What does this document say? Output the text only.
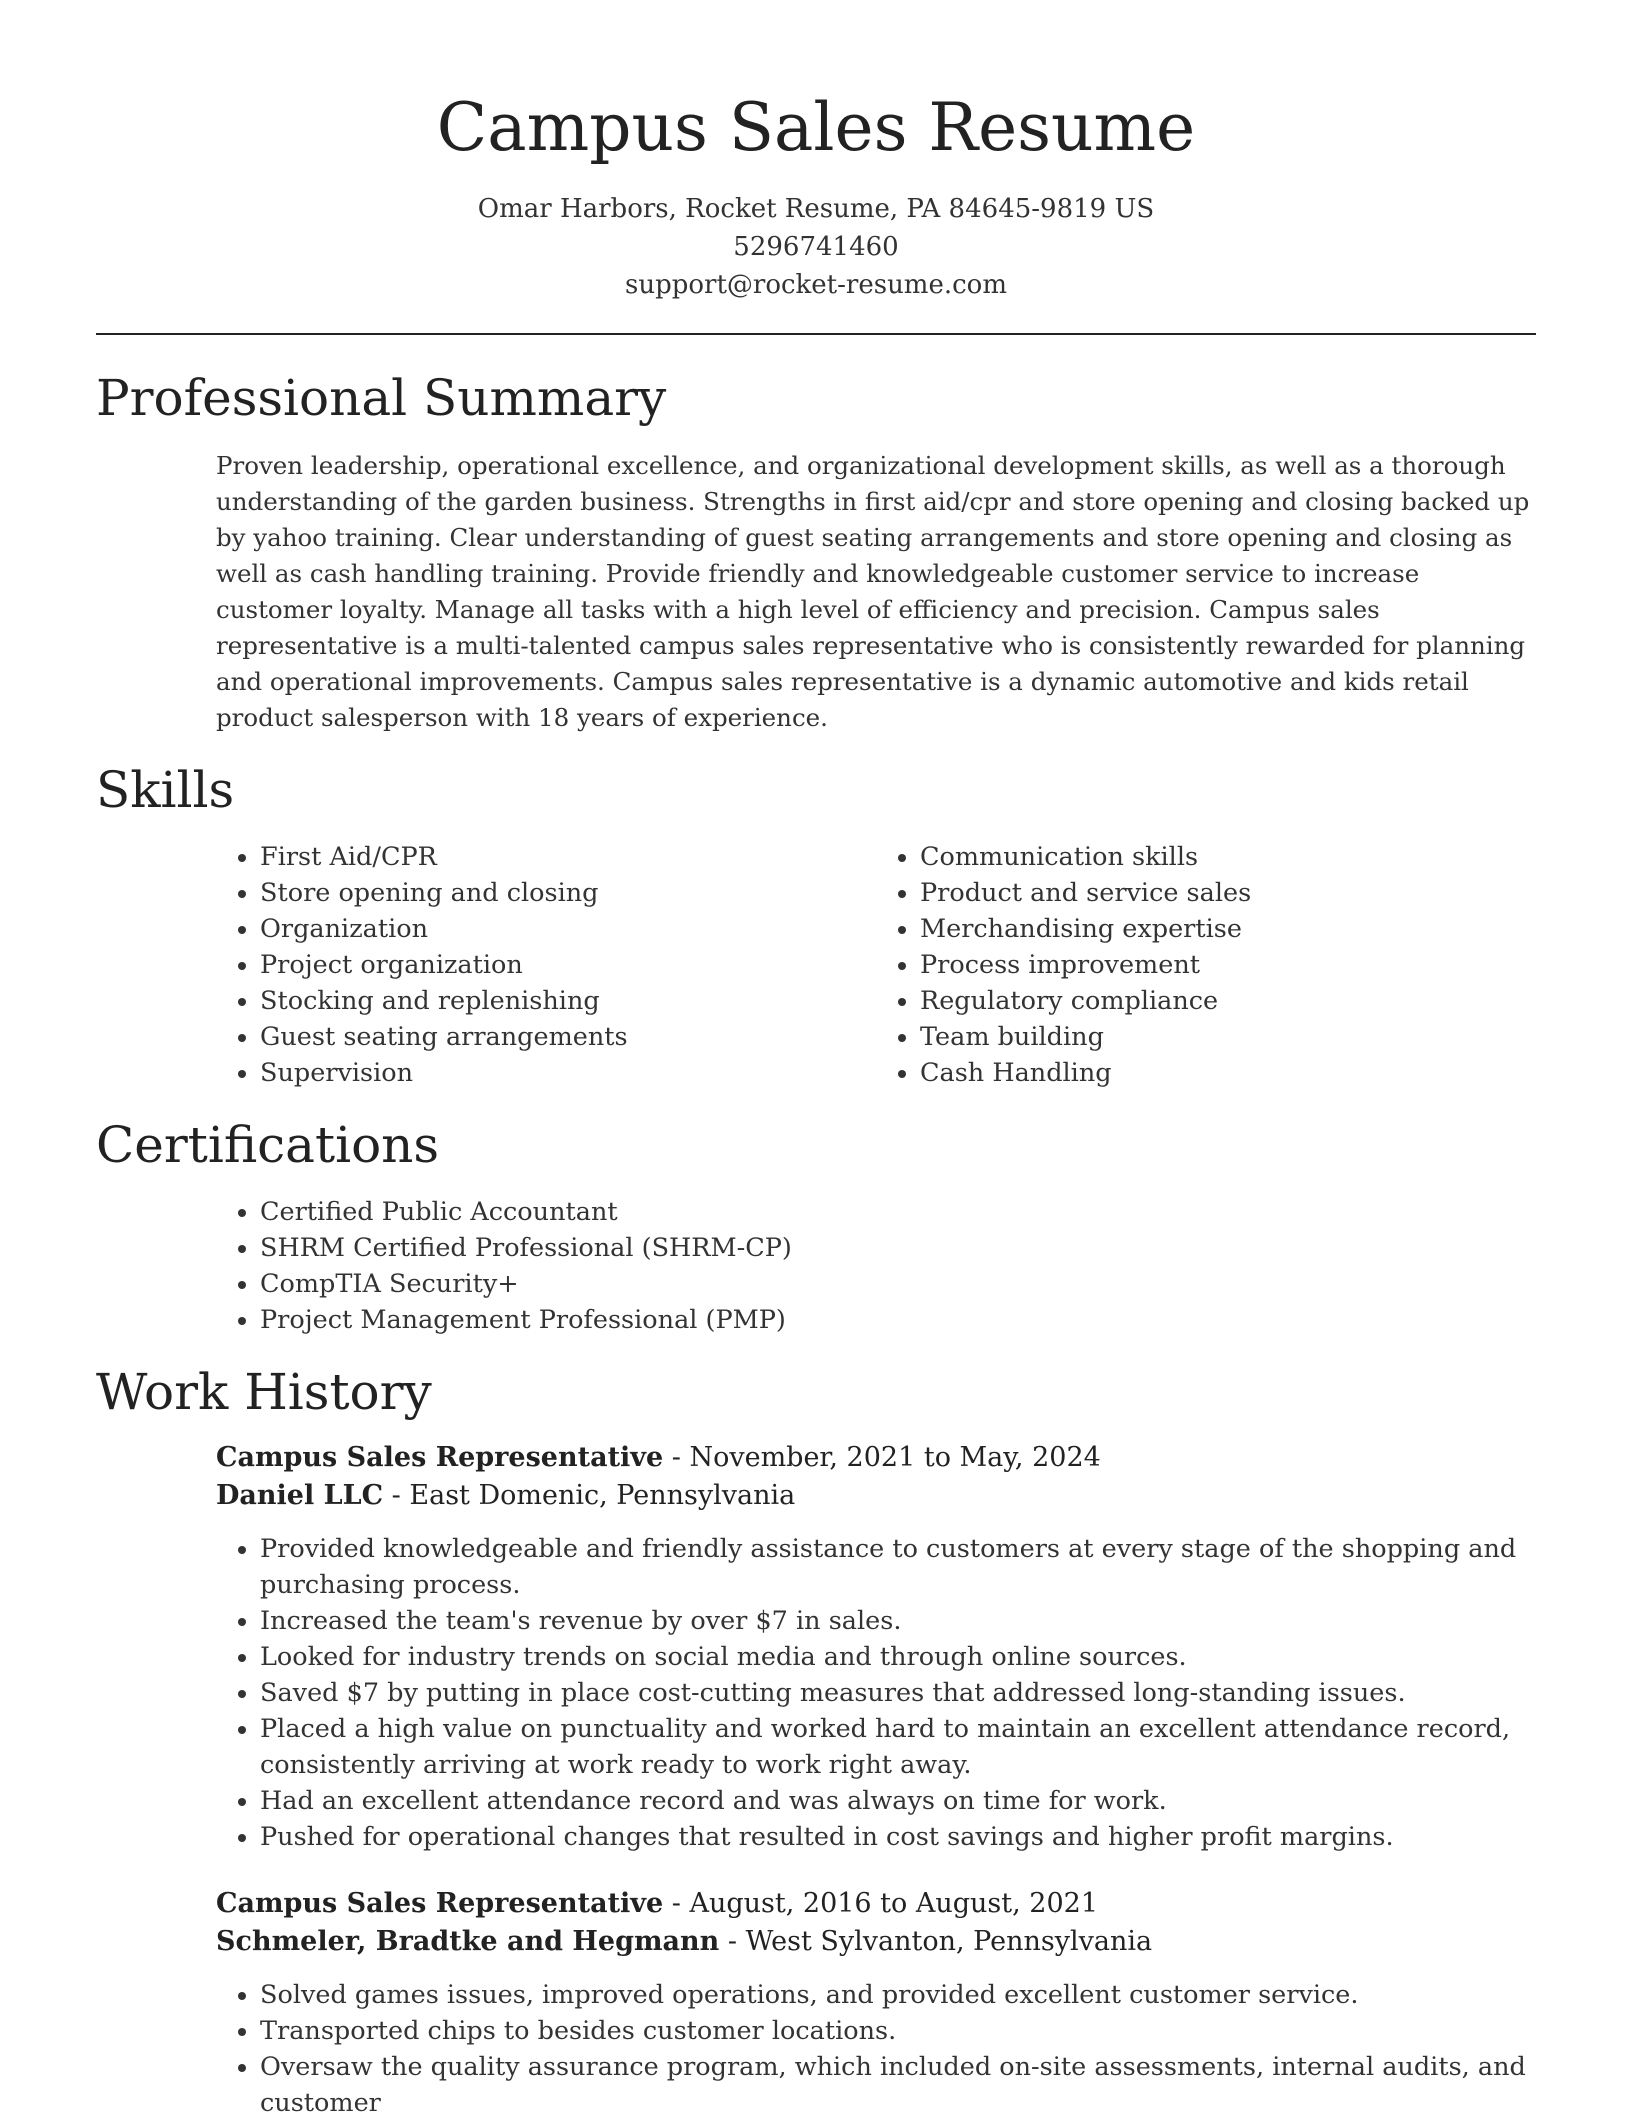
Campus Sales Resume
Omar Harbors, Rocket Resume, PA 84645-9819 US
5296741460
support@rocket-resume.com
Professional Summary

Proven leadership, operational excellence, and organizational development skills, as well as a thorough understanding of the garden business. Strengths in first aid/cpr and store opening and closing backed up by yahoo training. Clear understanding of guest seating arrangements and store opening and closing as well as cash handling training. Provide friendly and knowledgeable customer service to increase customer loyalty. Manage all tasks with a high level of efficiency and precision. Campus sales representative is a multi-talented campus sales representative who is consistently rewarded for planning and operational improvements. Campus sales representative is a dynamic automotive and kids retail product salesperson with 18 years of experience.

Skills
• First Aid/CPR
• Store opening and closing
• Organization
• Project organization
• Stocking and replenishing
• Guest seating arrangements
• Supervision
• Communication skills
• Product and service sales
• Merchandising expertise
• Process improvement
• Regulatory compliance
• Team building
• Cash Handling
Certifications
• Certified Public Accountant
• SHRM Certified Professional (SHRM-CP)
• CompTIA Security+
• Project Management Professional (PMP)
Work History
Campus Sales Representative - November, 2021 to May, 2024
Daniel LLC - East Domenic, Pennsylvania
• Provided knowledgeable and friendly assistance to customers at every stage of the shopping and purchasing process.
• Increased the team's revenue by over $7 in sales.
• Looked for industry trends on social media and through online sources.
• Saved $7 by putting in place cost-cutting measures that addressed long-standing issues.
• Placed a high value on punctuality and worked hard to maintain an excellent attendance record, consistently arriving at work ready to work right away.
• Had an excellent attendance record and was always on time for work.
• Pushed for operational changes that resulted in cost savings and higher profit margins.
Campus Sales Representative - August, 2016 to August, 2021
Schmeler, Bradtke and Hegmann - West Sylvanton, Pennsylvania
• Solved games issues, improved operations, and provided excellent customer service.
• Transported chips to besides customer locations.
• Oversaw the quality assurance program, which included on-site assessments, internal audits, and customer
